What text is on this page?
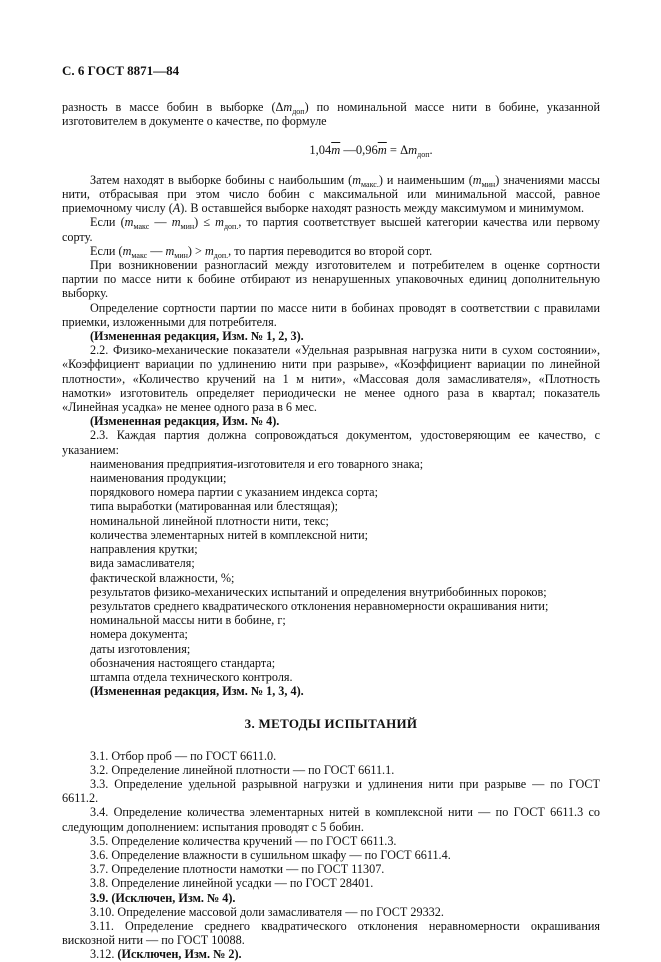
С. 6 ГОСТ 8871—84

разность в массе бобин в выборке $(\Delta m_{доп})$ по номинальной массе нити в бобине, указанной изготовителем в документе о качестве, по формуле

$1,04\overline{m}$ $—0,96\overline{m} = \Delta m_{доп}$.

Затем находят в выборке бобины с наибольшим $(m_{макс.})$ и наименьшим $(m_{мин})$ значениями массы нити, отбрасывая при этом число бобин с максимальной или минимальной массой, равное приемочному числу (A). В оставшейся выборке находят разность между максимумом и минимумом.

Если ($m_{макс}$ — $m_{мин}) \le m_{доп.}$, то партия соответствует высшей категории качества или первому сорту.

Если ($m_{макс}$ — $m_{мин}) > m_{доп.}$, то партия переводится во второй сорт.

При возникновении разногласий между изготовителем и потребителем в оценке сортности партии по массе нити к бобине отбирают из ненарушенных упаковочных единиц дополнительную выборку.

Определение сортности партии по массе нити в бобинах проводят в соответствии с правилами приемки, изложенными для потребителя.

(Измененная редакция, Изм. № 1, 2, 3).

2.2. Физико-механические показатели «Удельная разрывная нагрузка нити в сухом состоянии», «Коэффициент вариации по удлинению нити при разрыве», «Коэффициент вариации по линейной плотности», «Количество кручений на 1 м нити», «Массовая доля замасливателя», «Плотность намотки» изготовитель определяет периодически не менее одного раза в квартал; показатель «Линейная усадка» не менее одного раза в 6 мес.

(Измененная редакция, Изм. № 4).

2.3. Каждая партия должна сопровождаться документом, удостоверяющим ее качество, с указанием:

наименования предприятия-изготовителя и его товарного знака;

наименования продукции;

порядкового номера партии с указанием индекса сорта;

типа выработки (матированная или блестящая);

номинальной линейной плотности нити, текс;

количества элементарных нитей в комплексной нити;

направления крутки;

вида замасливателя;

фактической влажности, %;

результатов физико-механических испытаний и определения внутрибобинных пороков;

результатов среднего квадратического отклонения неравномерности окрашивания нити;

номинальной массы нити в бобине, г;

номера документа;

даты изготовления;

обозначения настоящего стандарта;

штампа отдела технического контроля.

(Измененная редакция, Изм. № 1, 3, 4).

3. МЕТОДЫ ИСПЫТАНИЙ

3.1. Отбор проб — по ГОСТ 6611.0.

3.2. Определение линейной плотности — по ГОСТ 6611.1.

3.3. Определение удельной разрывной нагрузки и удлинения нити при разрыве — по ГОСТ 6611.2.

3.4. Определение количества элементарных нитей в комплексной нити — по ГОСТ 6611.3 со следующим дополнением: испытания проводят с 5 бобин.

3.5. Определение количества кручений — по ГОСТ 6611.3.

3.6. Определение влажности в сушильном шкафу — по ГОСТ 6611.4.

3.7. Определение плотности намотки — по ГОСТ 11307.

3.8. Определение линейной усадки — по ГОСТ 28401.

3.9. (Исключен, Изм. № 4).

3.10. Определение массовой доли замасливателя — по ГОСТ 29332.

3.11. Определение среднего квадратического отклонения неравномерности окрашивания вискозной нити — по ГОСТ 10088.

3.12. (Исключен, Изм. № 2).
